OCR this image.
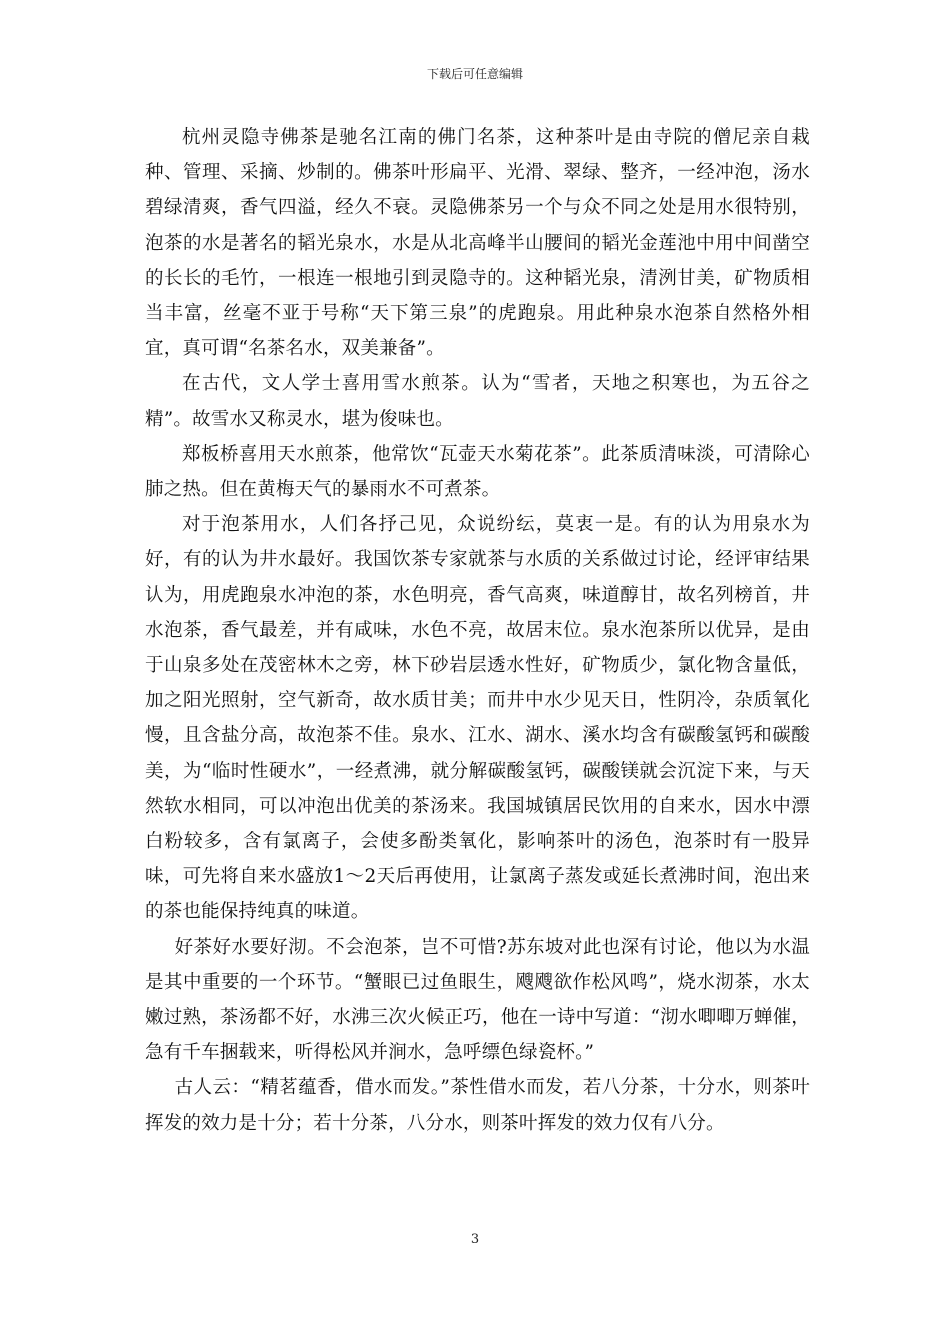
下载后可任意编辑

杭州灵隐寺佛茶是驰名江南的佛门名茶，这种茶叶是由寺院的僧尼亲自栽种、管理、采摘、炒制的。佛茶叶形扁平、光滑、翠绿、整齐，一经冲泡，汤水碧绿清爽，香气四溢，经久不衰。灵隐佛茶另一个与众不同之处是用水很特别，泡茶的水是著名的韬光泉水，水是从北高峰半山腰间的韬光金莲池中用中间凿空的长长的毛竹，一根连一根地引到灵隐寺的。这种韬光泉，清洌甘美，矿物质相当丰富，丝毫不亚于号称“天下第三泉”的虎跑泉。用此种泉水泡茶自然格外相宜，真可谓“名茶名水，双美兼备”。

在古代，文人学士喜用雪水煎茶。认为“雪者，天地之积寒也，为五谷之精”。故雪水又称灵水，堪为俊味也。

郑板桥喜用天水煎茶，他常饮“瓦壶天水菊花茶”。此茶质清味淡，可清除心肺之热。但在黄梅天气的暴雨水不可煮茶。

对于泡茶用水，人们各抒己见，众说纷纭，莫衷一是。有的认为用泉水为好，有的认为井水最好。我国饮茶专家就茶与水质的关系做过讨论，经评审结果认为，用虎跑泉水冲泡的茶，水色明亮，香气高爽，味道醇甘，故名列榜首，井水泡茶，香气最差，并有咸味，水色不亮，故居末位。泉水泡茶所以优异，是由于山泉多处在茂密林木之旁，林下砂岩层透水性好，矿物质少，氯化物含量低，加之阳光照射，空气新奇，故水质甘美；而井中水少见天日，性阴冷，杂质氧化慢，且含盐分高，故泡茶不佳。泉水、江水、湖水、溪水均含有碳酸氢钙和碳酸美，为“临时性硬水”，一经煮沸，就分解碳酸氢钙，碳酸镁就会沉淀下来，与天然软水相同，可以冲泡出优美的茶汤来。我国城镇居民饮用的自来水，因水中漂白粉较多，含有氯离子，会使多酚类氧化，影响茶叶的汤色，泡茶时有一股异味，可先将自来水盛放1～2天后再使用，让氯离子蒸发或延长煮沸时间，泡出来的茶也能保持纯真的味道。

好茶好水要好沏。不会泡茶，岂不可惜?苏东坡对此也深有讨论，他以为水温是其中重要的一个环节。“蟹眼已过鱼眼生，飕飕欲作松风鸣”，烧水沏茶，水太嫩过熟，茶汤都不好，水沸三次火候正巧，他在一诗中写道：“沏水唧唧万蝉催，急有千车捆载来，听得松风并涧水，急呼缥色绿瓷杯。”

古人云：“精茗蕴香，借水而发。”茶性借水而发，若八分茶，十分水，则茶叶挥发的效力是十分；若十分茶，八分水，则茶叶挥发的效力仅有八分。

3
